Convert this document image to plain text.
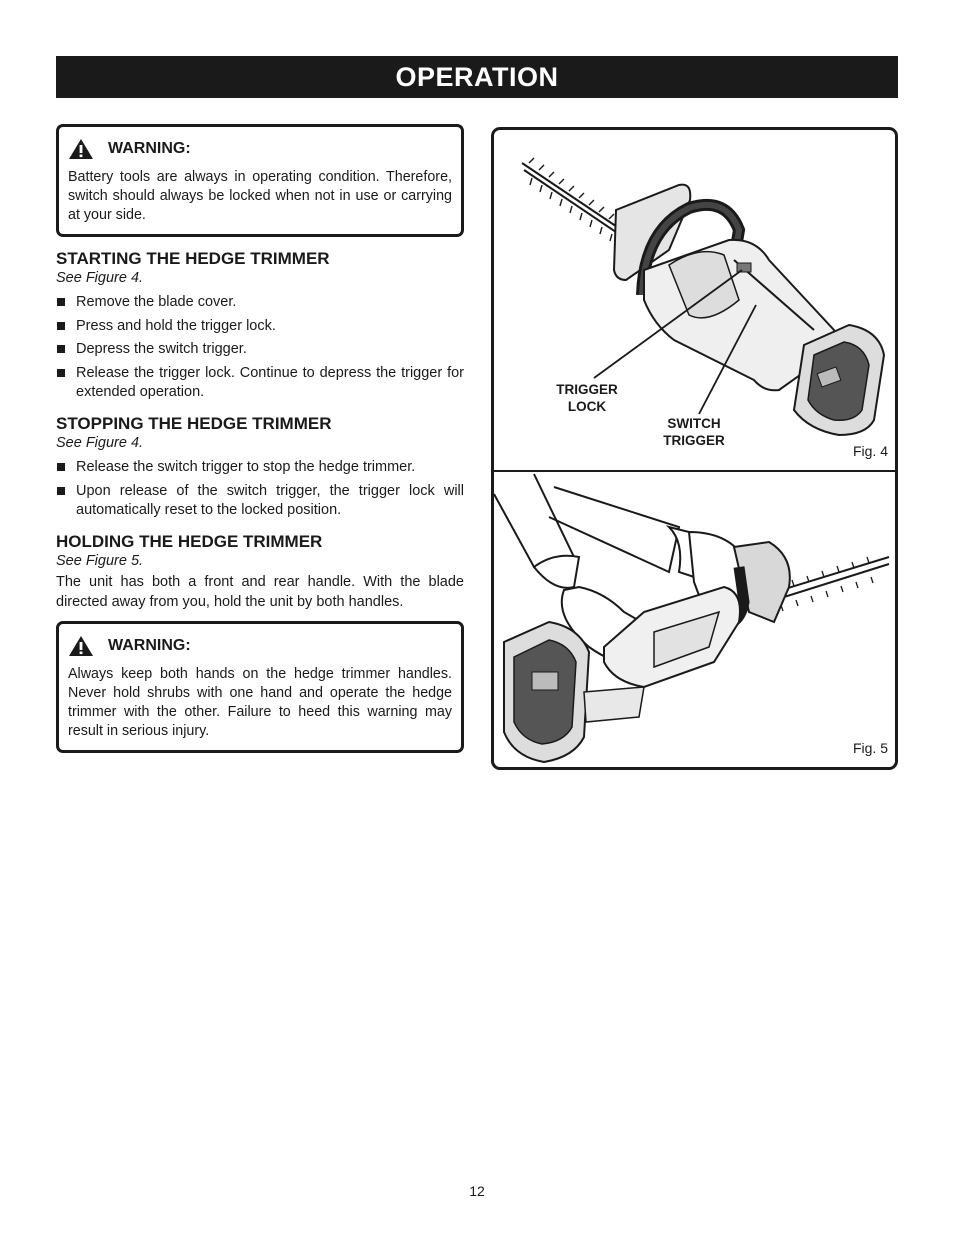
OPERATION
WARNING:
Battery tools are always in operating condition. Therefore, switch should always be locked when not in use or carrying at your side.
STARTING THE HEDGE TRIMMER
See Figure 4.
Remove the blade cover.
Press and hold the trigger lock.
Depress the switch trigger.
Release the trigger lock. Continue to depress the trigger for extended operation.
STOPPING THE HEDGE TRIMMER
See Figure 4.
Release the switch trigger to stop the hedge trimmer.
Upon release of the switch trigger, the trigger lock will automatically reset to the locked position.
HOLDING THE HEDGE TRIMMER
See Figure 5.
The unit has both a front and rear handle. With the blade directed away from you, hold the unit by both handles.
WARNING:
Always keep both hands on the hedge trimmer handles. Never hold shrubs with one hand and operate the hedge trimmer with the other. Failure to heed this warning may result in serious injury.
TRIGGER
LOCK
SWITCH
TRIGGER
Fig. 4
Fig. 5
12
